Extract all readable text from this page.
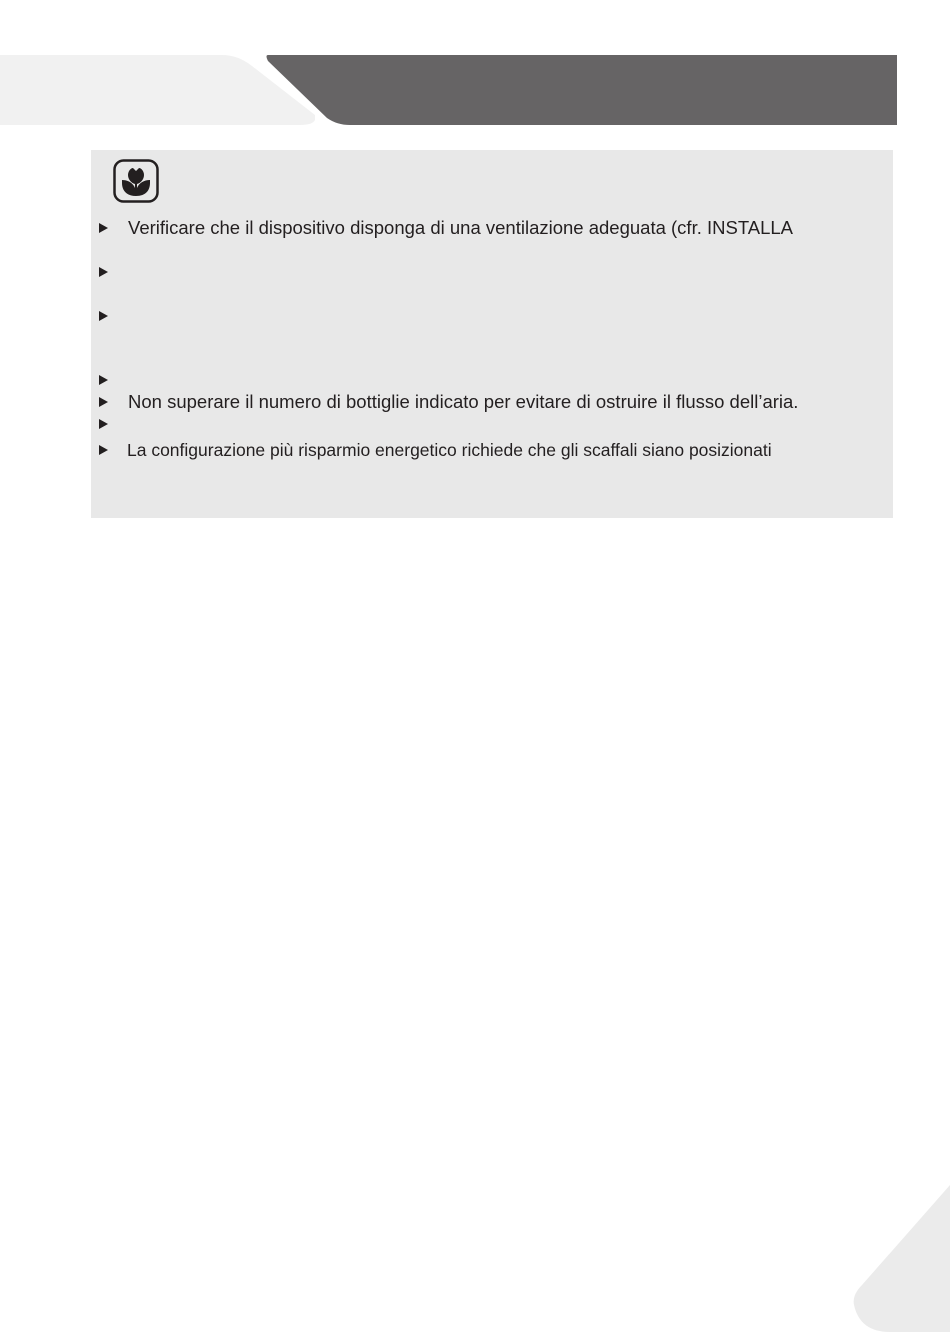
Verificare che il dispositivo disponga di una ventilazione adeguata (cfr. INSTALLA
Non superare il numero di bottiglie indicato per evitare di ostruire il flusso dell’aria.
La configurazione più risparmio energetico richiede che gli scaffali siano posizionati
